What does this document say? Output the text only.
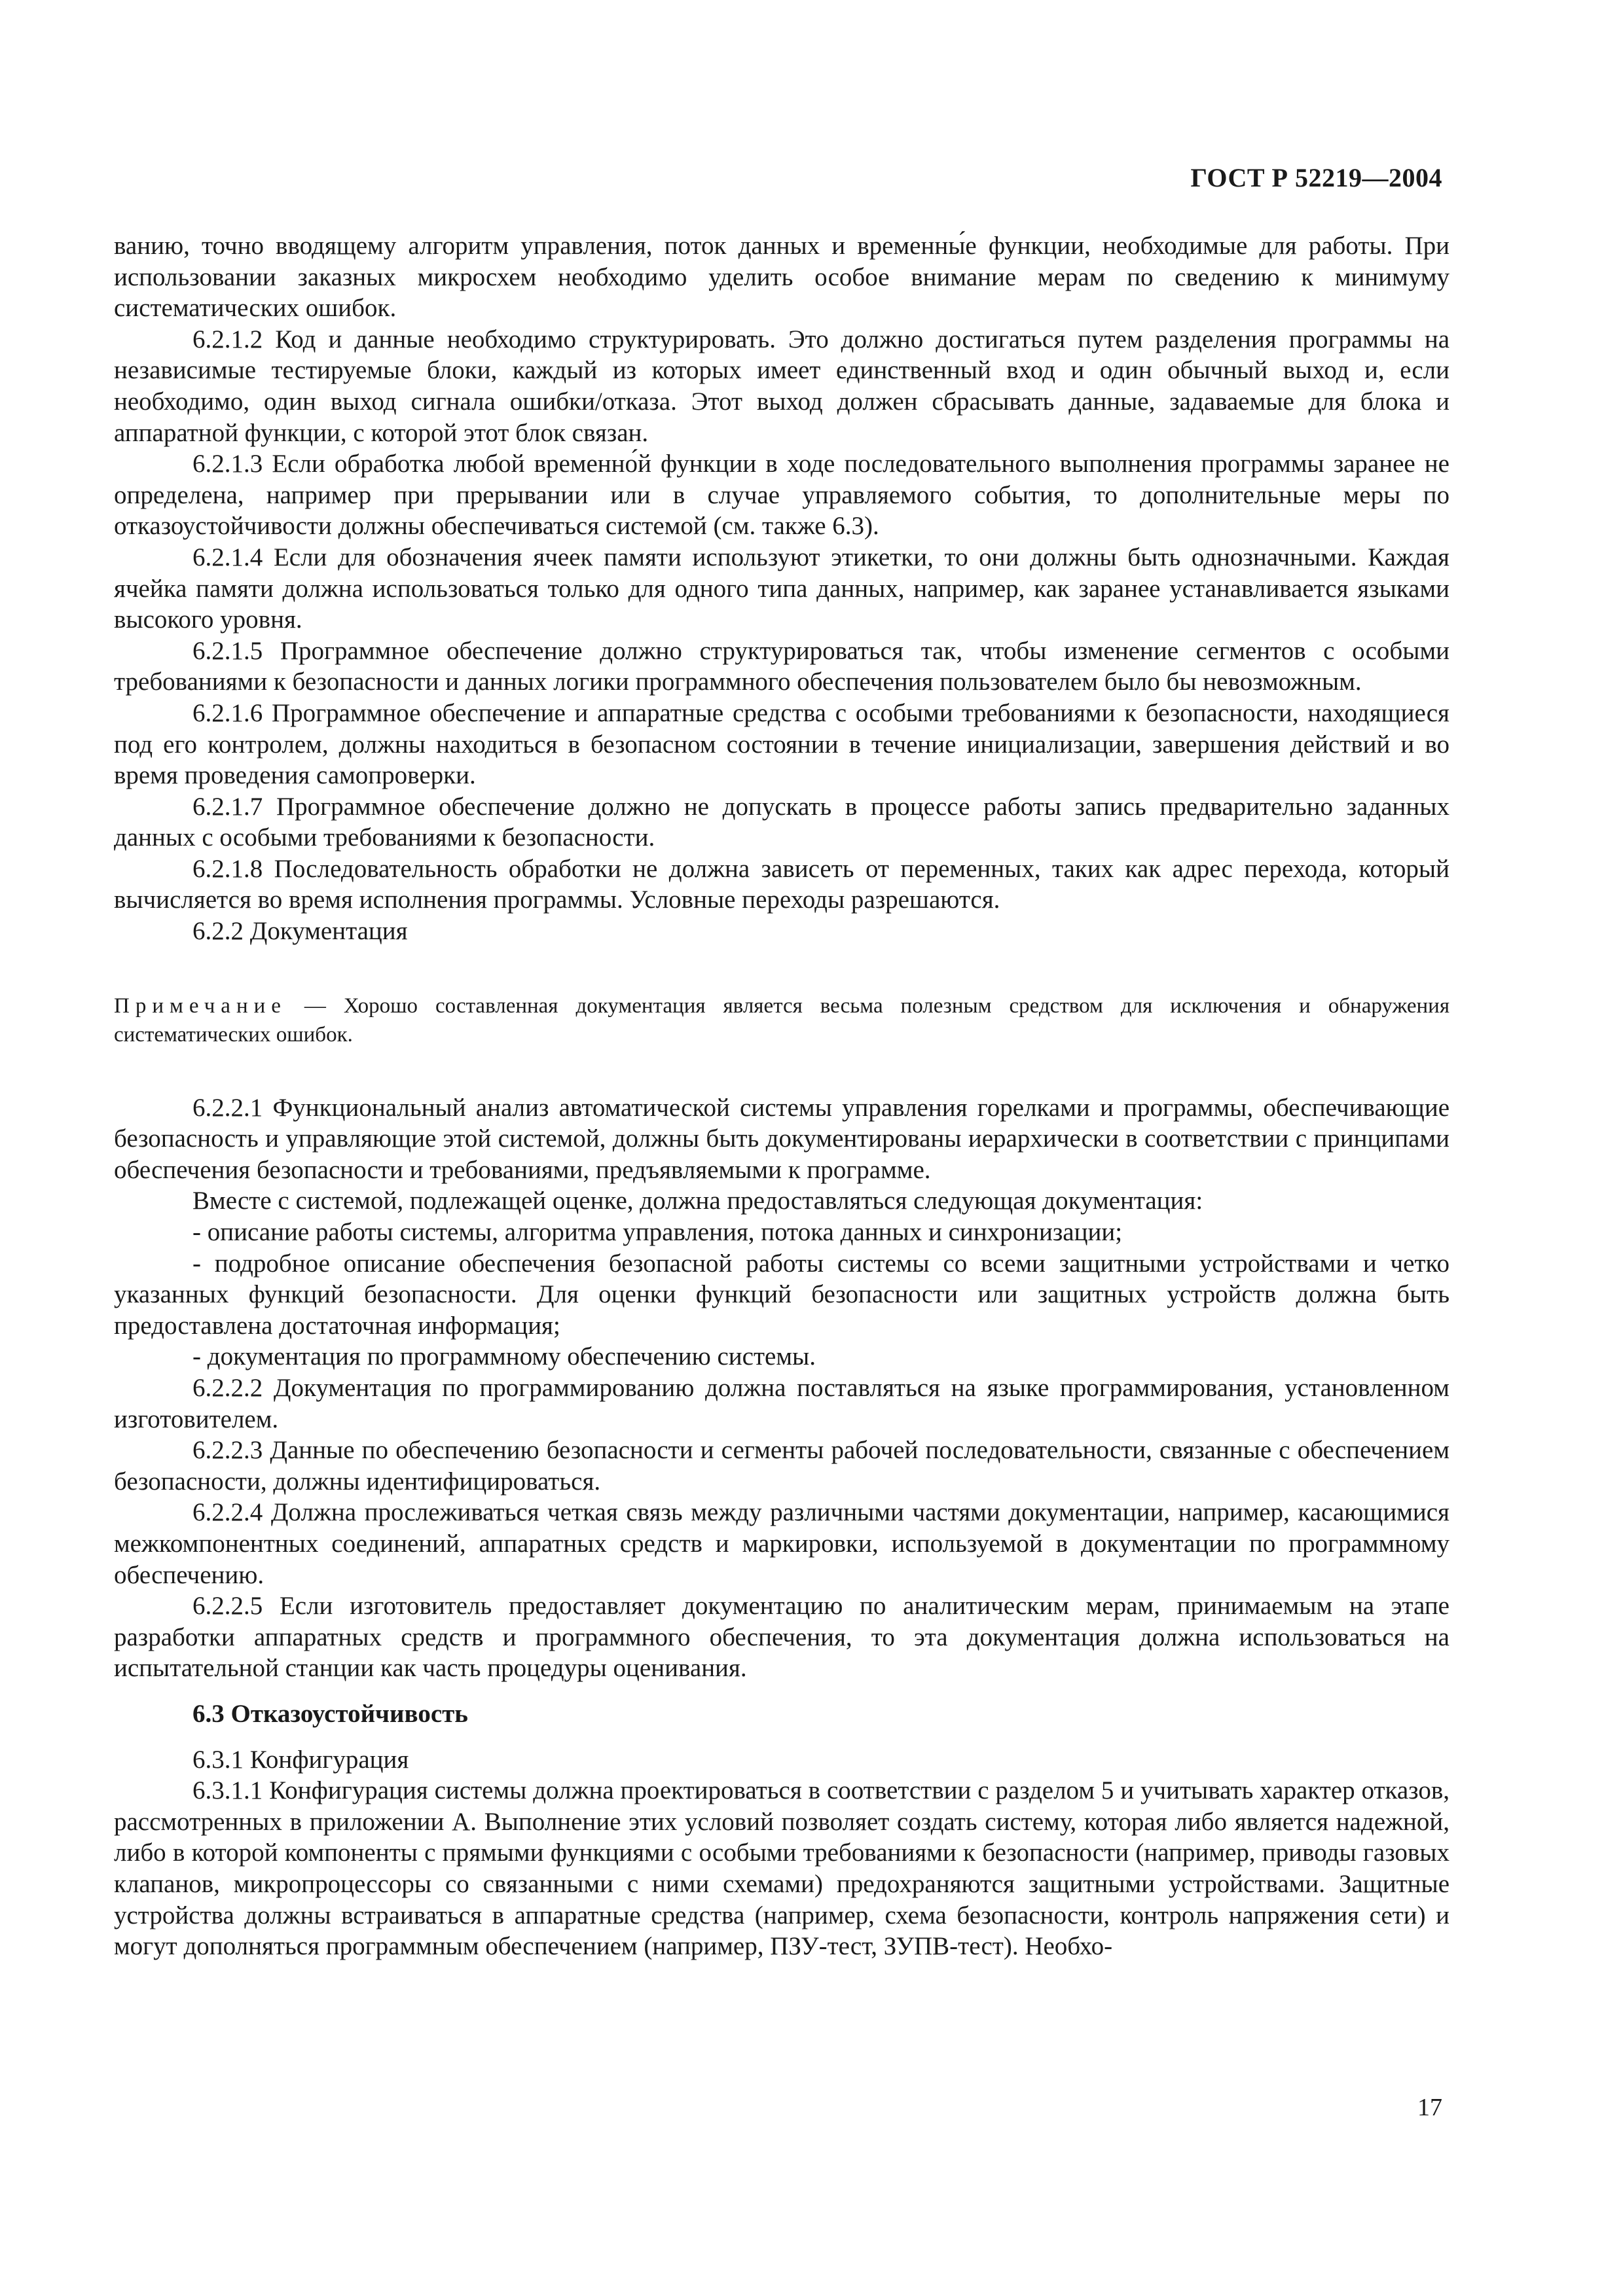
ГОСТ Р 52219—2004

ванию, точно вводящему алгоритм управления, поток данных и временны́е функции, необходимые для работы. При использовании заказных микросхем необходимо уделить особое внимание мерам по сведению к минимуму систематических ошибок.

6.2.1.2 Код и данные необходимо структурировать. Это должно достигаться путем разделения программы на независимые тестируемые блоки, каждый из которых имеет единственный вход и один обычный выход и, если необходимо, один выход сигнала ошибки/отказа. Этот выход должен сбрасывать данные, задаваемые для блока и аппаратной функции, с которой этот блок связан.

6.2.1.3 Если обработка любой временно́й функции в ходе последовательного выполнения программы заранее не определена, например при прерывании или в случае управляемого события, то дополнительные меры по отказоустойчивости должны обеспечиваться системой (см. также 6.3).

6.2.1.4 Если для обозначения ячеек памяти используют этикетки, то они должны быть однозначными. Каждая ячейка памяти должна использоваться только для одного типа данных, например, как заранее устанавливается языками высокого уровня.

6.2.1.5 Программное обеспечение должно структурироваться так, чтобы изменение сегментов с особыми требованиями к безопасности и данных логики программного обеспечения пользователем было бы невозможным.

6.2.1.6 Программное обеспечение и аппаратные средства с особыми требованиями к безопасности, находящиеся под его контролем, должны находиться в безопасном состоянии в течение инициализации, завершения действий и во время проведения самопроверки.

6.2.1.7 Программное обеспечение должно не допускать в процессе работы запись предварительно заданных данных с особыми требованиями к безопасности.

6.2.1.8 Последовательность обработки не должна зависеть от переменных, таких как адрес перехода, который вычисляется во время исполнения программы. Условные переходы разрешаются.

6.2.2 Документация

Примечание — Хорошо составленная документация является весьма полезным средством для исключения и обнаружения систематических ошибок.

6.2.2.1 Функциональный анализ автоматической системы управления горелками и программы, обеспечивающие безопасность и управляющие этой системой, должны быть документированы иерархически в соответствии с принципами обеспечения безопасности и требованиями, предъявляемыми к программе.

Вместе с системой, подлежащей оценке, должна предоставляться следующая документация:

- описание работы системы, алгоритма управления, потока данных и синхронизации;

- подробное описание обеспечения безопасной работы системы со всеми защитными устройствами и четко указанных функций безопасности. Для оценки функций безопасности или защитных устройств должна быть предоставлена достаточная информация;

- документация по программному обеспечению системы.

6.2.2.2 Документация по программированию должна поставляться на языке программирования, установленном изготовителем.

6.2.2.3 Данные по обеспечению безопасности и сегменты рабочей последовательности, связанные с обеспечением безопасности, должны идентифицироваться.

6.2.2.4 Должна прослеживаться четкая связь между различными частями документации, например, касающимися межкомпонентных соединений, аппаратных средств и маркировки, используемой в документации по программному обеспечению.

6.2.2.5 Если изготовитель предоставляет документацию по аналитическим мерам, принимаемым на этапе разработки аппаратных средств и программного обеспечения, то эта документация должна использоваться на испытательной станции как часть процедуры оценивания.

6.3 Отказоустойчивость

6.3.1 Конфигурация

6.3.1.1 Конфигурация системы должна проектироваться в соответствии с разделом 5 и учитывать характер отказов, рассмотренных в приложении А. Выполнение этих условий позволяет создать систему, которая либо является надежной, либо в которой компоненты с прямыми функциями с особыми требованиями к безопасности (например, приводы газовых клапанов, микропроцессоры со связанными с ними схемами) предохраняются защитными устройствами. Защитные устройства должны встраиваться в аппаратные средства (например, схема безопасности, контроль напряжения сети) и могут дополняться программным обеспечением (например, ПЗУ-тест, ЗУПВ-тест). Необхо-

17
